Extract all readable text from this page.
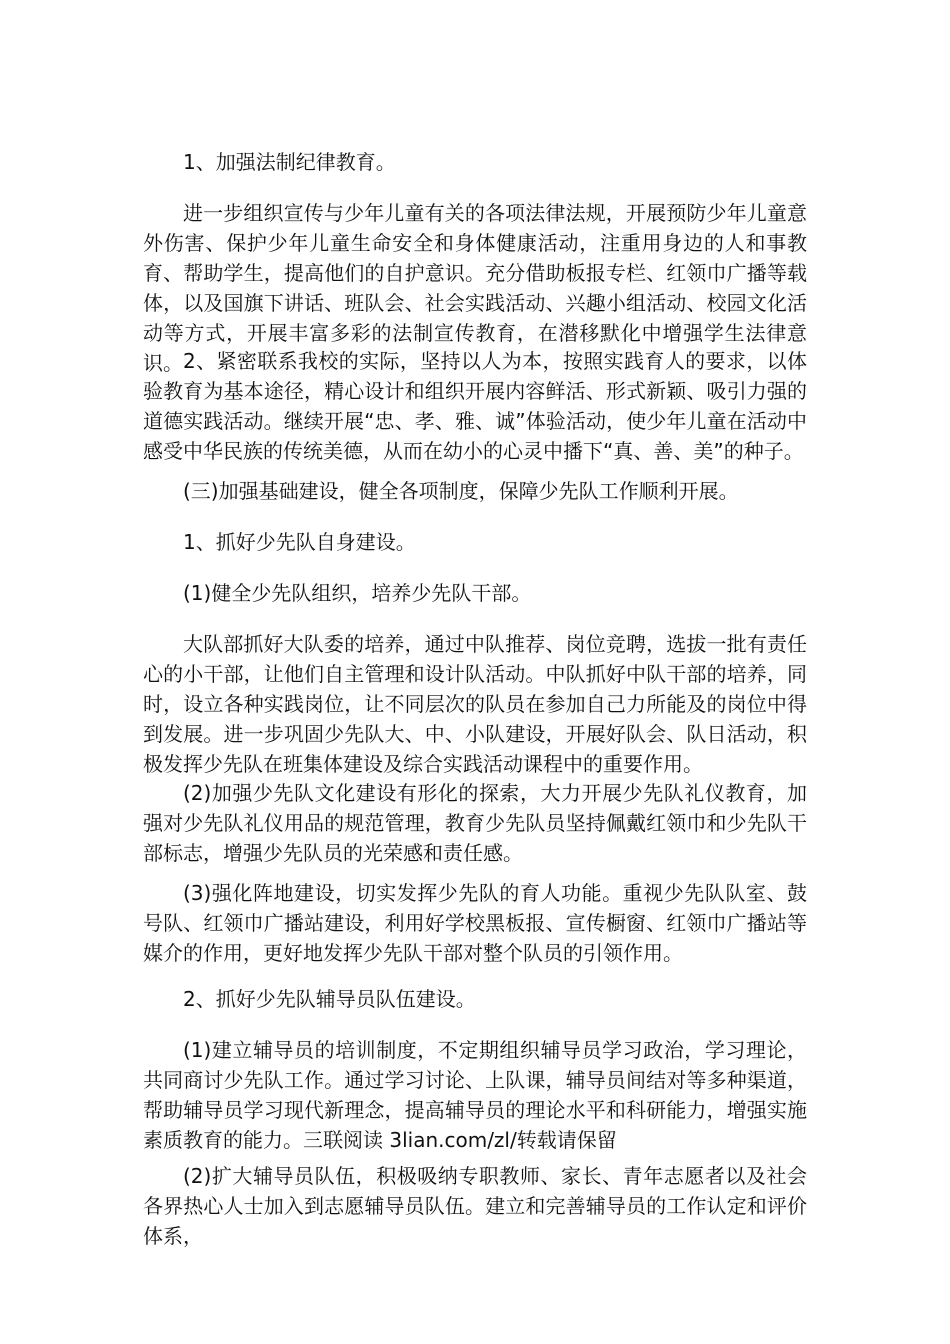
1、加强法制纪律教育。

进一步组织宣传与少年儿童有关的各项法律法规，开展预防少年儿童意外伤害、保护少年儿童生命安全和身体健康活动，注重用身边的人和事教育、帮助学生，提高他们的自护意识。充分借助板报专栏、红领巾广播等载体，以及国旗下讲话、班队会、社会实践活动、兴趣小组活动、校园文化活动等方式，开展丰富多彩的法制宣传教育，在潜移默化中增强学生法律意识。 2、紧密联系我校的实际，坚持以人为本，按照实践育人的要求，以体验教育为基本途径，精心设计和组织开展内容鲜活、形式新颖、吸引力强的道德实践活动。继续开展“忠、孝、雅、诚”体验活动，使少年儿童在活动中感受中华民族的传统美德，从而在幼小的心灵中播下“真、善、美”的种子。

(三)加强基础建设，健全各项制度，保障少先队工作顺利开展。

1、抓好少先队自身建设。

(1)健全少先队组织，培养少先队干部。

大队部抓好大队委的培养，通过中队推荐、岗位竞聘，选拔一批有责任心的小干部，让他们自主管理和设计队活动。中队抓好中队干部的培养，同时，设立各种实践岗位，让不同层次的队员在参加自己力所能及的岗位中得到发展。进一步巩固少先队大、中、小队建设，开展好队会、队日活动，积极发挥少先队在班集体建设及综合实践活动课程中的重要作用。

(2)加强少先队文化建设有形化的探索，大力开展少先队礼仪教育，加强对少先队礼仪用品的规范管理，教育少先队员坚持佩戴红领巾和少先队干部标志，增强少先队员的光荣感和责任感。

(3)强化阵地建设，切实发挥少先队的育人功能。重视少先队队室、鼓号队、红领巾广播站建设，利用好学校黑板报、宣传橱窗、红领巾广播站等媒介的作用，更好地发挥少先队干部对整个队员的引领作用。

2、抓好少先队辅导员队伍建设。

(1)建立辅导员的培训制度，不定期组织辅导员学习政治，学习理论，共同商讨少先队工作。通过学习讨论、上队课，辅导员间结对等多种渠道，帮助辅导员学习现代新理念，提高辅导员的理论水平和科研能力，增强实施素质教育的能力。三联阅读 3lian.com/zl/转载请保留

(2)扩大辅导员队伍，积极吸纳专职教师、家长、青年志愿者以及社会各界热心人士加入到志愿辅导员队伍。建立和完善辅导员的工作认定和评价体系，
